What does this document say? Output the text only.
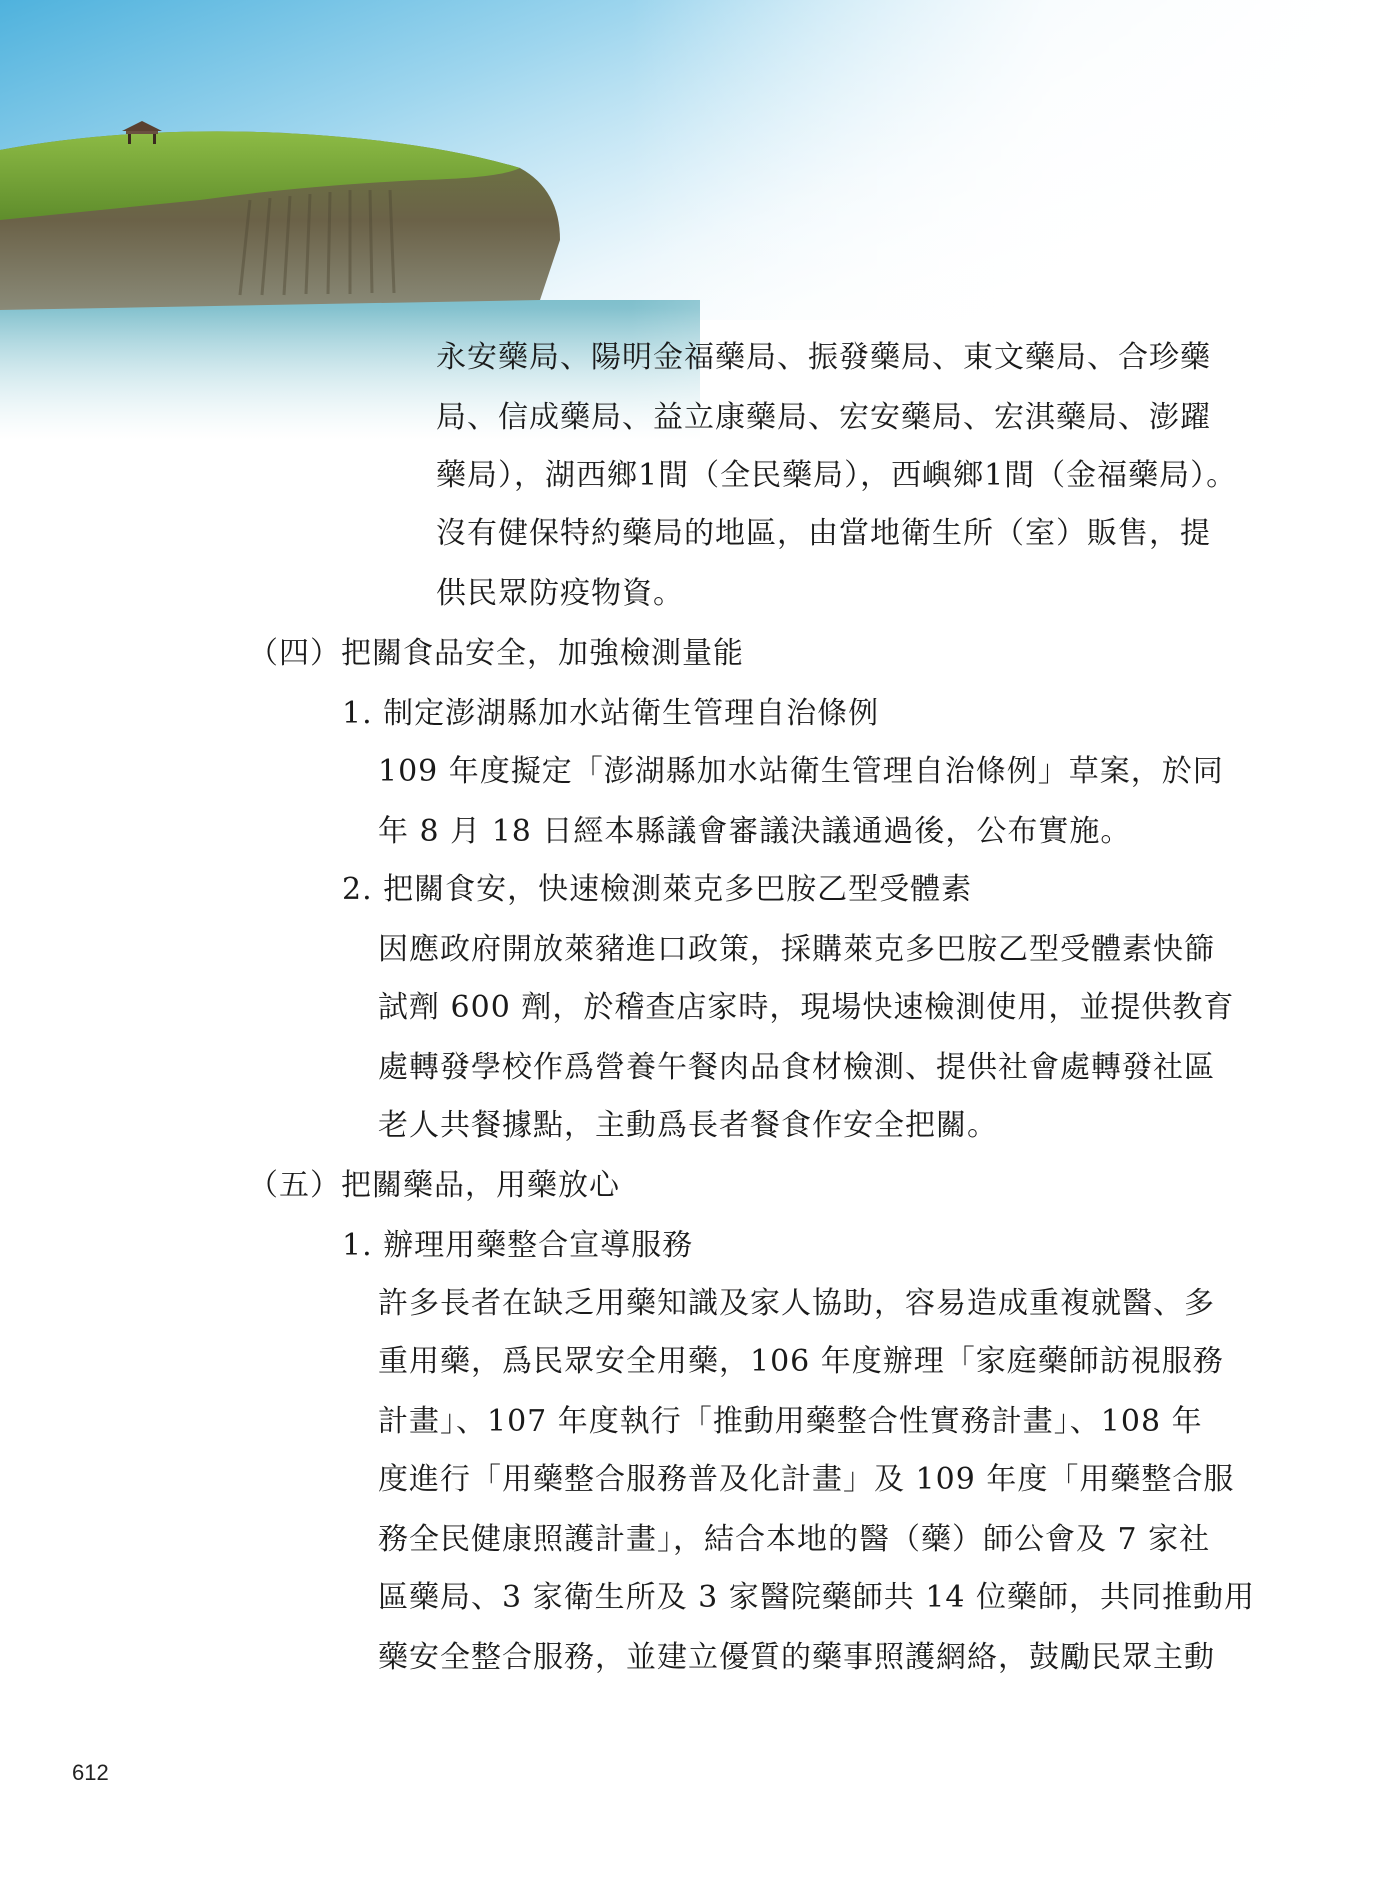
永安藥局、陽明金福藥局、振發藥局、東文藥局、合珍藥
局、信成藥局、益立康藥局、宏安藥局、宏淇藥局、澎躍
藥局），湖西鄉1間（全民藥局），西嶼鄉1間（金福藥局）。
沒有健保特約藥局的地區，由當地衛生所（室）販售，提
供民眾防疫物資。
（四）把關食品安全，加強檢測量能
1. 制定澎湖縣加水站衛生管理自治條例
109 年度擬定「澎湖縣加水站衛生管理自治條例」草案，於同
年 8 月 18 日經本縣議會審議決議通過後，公布實施。
2. 把關食安，快速檢測萊克多巴胺乙型受體素
因應政府開放萊豬進口政策，採購萊克多巴胺乙型受體素快篩
試劑 600 劑，於稽查店家時，現場快速檢測使用，並提供教育
處轉發學校作爲營養午餐肉品食材檢測、提供社會處轉發社區
老人共餐據點，主動爲長者餐食作安全把關。
（五）把關藥品，用藥放心
1. 辦理用藥整合宣導服務
許多長者在缺乏用藥知識及家人協助，容易造成重複就醫、多
重用藥，爲民眾安全用藥，106 年度辦理「家庭藥師訪視服務
計畫」、107 年度執行「推動用藥整合性實務計畫」、108 年
度進行「用藥整合服務普及化計畫」及 109 年度「用藥整合服
務全民健康照護計畫」，結合本地的醫（藥）師公會及 7 家社
區藥局、3 家衛生所及 3 家醫院藥師共 14 位藥師，共同推動用
藥安全整合服務，並建立優質的藥事照護網絡，鼓勵民眾主動
612
